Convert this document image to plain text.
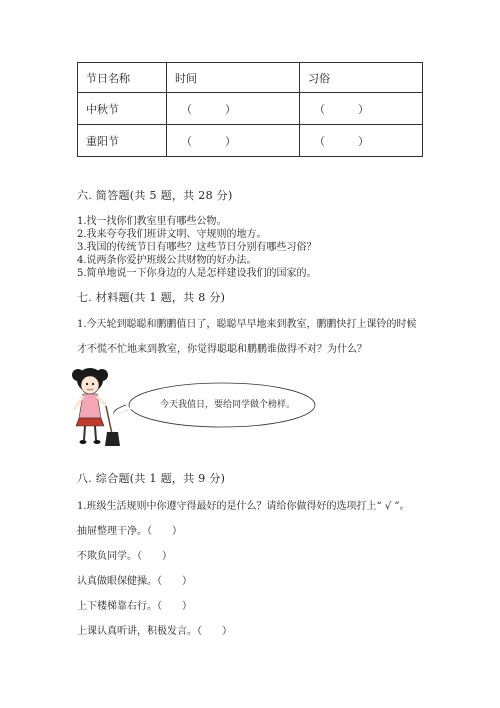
节日名称	时间	习俗
中秋节	（　　　）	（　　　）
重阳节	（　　　）	（　　　）
六. 简答题(共 5 题，共 28 分)
1.找一找你们教室里有哪些公物。
2.我来夸夸我们班讲文明、守规则的地方。
3.我国的传统节日有哪些？这些节日分别有哪些习俗？
4.说两条你爱护班级公共财物的好办法。
5.简单地说一下你身边的人是怎样建设我们的国家的。
七. 材料题(共 1 题，共 8 分)
1.今天轮到聪聪和鹏鹏值日了，聪聪早早地来到教室，鹏鹏快打上课铃的时候
才不慌不忙地来到教室，你觉得聪聪和鹏鹏谁做得不对？为什么？
今天我值日，要给同学做个榜样。
八. 综合题(共 1 题，共 9 分)
1.班级生活规则中你遵守得最好的是什么？请给你做得好的选项打上“ √ ”。
抽屉整理干净。（　　）
不欺负同学。（　　）
认真做眼保健操。（　　）
上下楼梯靠右行。（　　）
上课认真听讲，积极发言。（　　）
